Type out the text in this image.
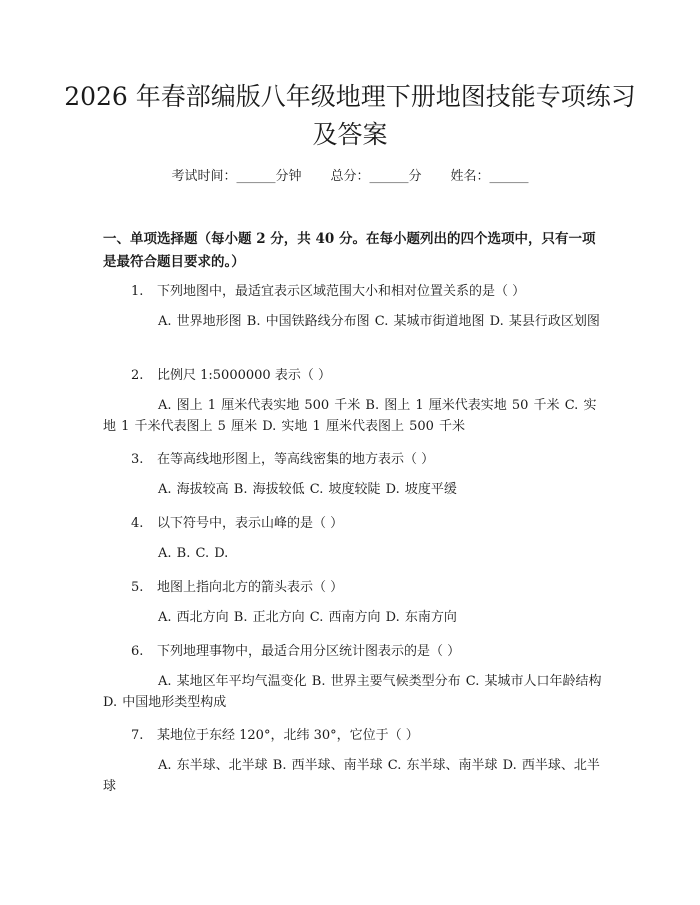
2026 年春部编版八年级地理下册地图技能专项练习及答案
考试时间：______分钟 总分：______分 姓名：______
一、单项选择题（每小题 2 分，共 40 分。在每小题列出的四个选项中，只有一项是最符合题目要求的。）
1. 下列地图中，最适宜表示区域范围大小和相对位置关系的是（ ）
A. 世界地形图 B. 中国铁路线分布图 C. 某城市街道地图 D. 某县行政区划图
2. 比例尺 1:5000000 表示（ ）
A. 图上 1 厘米代表实地 500 千米 B. 图上 1 厘米代表实地 50 千米 C. 实地 1 千米代表图上 5 厘米 D. 实地 1 厘米代表图上 500 千米
3. 在等高线地形图上，等高线密集的地方表示（ ）
A. 海拔较高 B. 海拔较低 C. 坡度较陡 D. 坡度平缓
4. 以下符号中，表示山峰的是（ ）
A. B. C. D.
5. 地图上指向北方的箭头表示（ ）
A. 西北方向 B. 正北方向 C. 西南方向 D. 东南方向
6. 下列地理事物中，最适合用分区统计图表示的是（ ）
A. 某地区年平均气温变化 B. 世界主要气候类型分布 C. 某城市人口年龄结构 D. 中国地形类型构成
7. 某地位于东经 120°，北纬 30°，它位于（ ）
A. 东半球、北半球 B. 西半球、南半球 C. 东半球、南半球 D. 西半球、北半球
